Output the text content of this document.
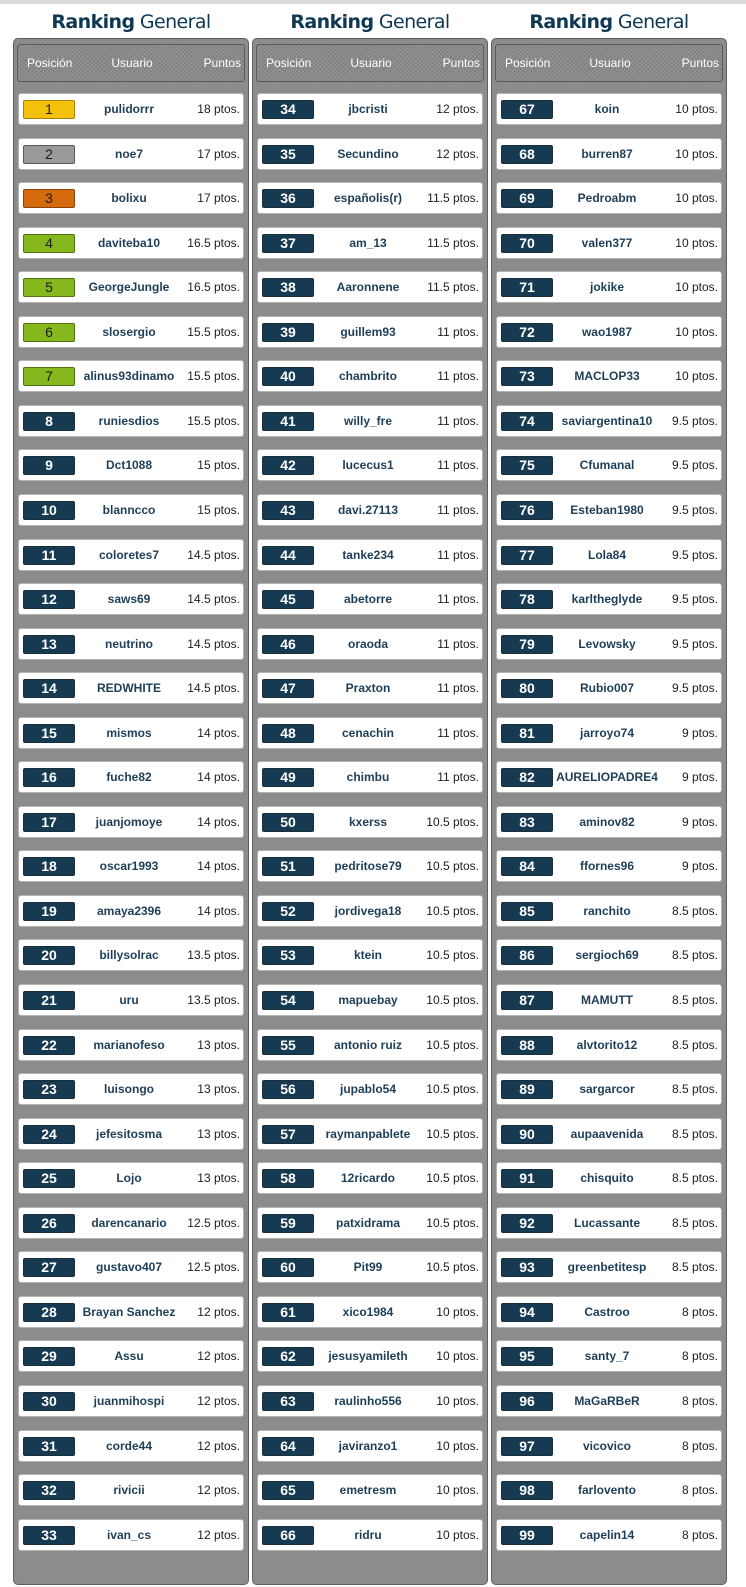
Ranking General
Posición	Usuario	Puntos
1	pulidorrr	18 ptos.
2	noe7	17 ptos.
3	bolixu	17 ptos.
4	daviteba10	16.5 ptos.
5	GeorgeJungle	16.5 ptos.
6	slosergio	15.5 ptos.
7	alinus93dinamo	15.5 ptos.
8	runiesdios	15.5 ptos.
9	Dct1088	15 ptos.
10	blanncco	15 ptos.
11	coloretes7	14.5 ptos.
12	saws69	14.5 ptos.
13	neutrino	14.5 ptos.
14	REDWHITE	14.5 ptos.
15	mismos	14 ptos.
16	fuche82	14 ptos.
17	juanjomoye	14 ptos.
18	oscar1993	14 ptos.
19	amaya2396	14 ptos.
20	billysolrac	13.5 ptos.
21	uru	13.5 ptos.
22	marianofeso	13 ptos.
23	luisongo	13 ptos.
24	jefesitosma	13 ptos.
25	Lojo	13 ptos.
26	darencanario	12.5 ptos.
27	gustavo407	12.5 ptos.
28	Brayan Sanchez	12 ptos.
29	Assu	12 ptos.
30	juanmihospi	12 ptos.
31	corde44	12 ptos.
32	rivicii	12 ptos.
33	ivan_cs	12 ptos.
Ranking General
Posición	Usuario	Puntos
34	jbcristi	12 ptos.
35	Secundino	12 ptos.
36	españolis(r)	11.5 ptos.
37	am_13	11.5 ptos.
38	Aaronnene	11.5 ptos.
39	guillem93	11 ptos.
40	chambrito	11 ptos.
41	willy_fre	11 ptos.
42	lucecus1	11 ptos.
43	davi.27113	11 ptos.
44	tanke234	11 ptos.
45	abetorre	11 ptos.
46	oraoda	11 ptos.
47	Praxton	11 ptos.
48	cenachin	11 ptos.
49	chimbu	11 ptos.
50	kxerss	10.5 ptos.
51	pedritose79	10.5 ptos.
52	jordivega18	10.5 ptos.
53	ktein	10.5 ptos.
54	mapuebay	10.5 ptos.
55	antonio ruiz	10.5 ptos.
56	jupablo54	10.5 ptos.
57	raymanpablete	10.5 ptos.
58	12ricardo	10.5 ptos.
59	patxidrama	10.5 ptos.
60	Pit99	10.5 ptos.
61	xico1984	10 ptos.
62	jesusyamileth	10 ptos.
63	raulinho556	10 ptos.
64	javiranzo1	10 ptos.
65	emetresm	10 ptos.
66	ridru	10 ptos.
Ranking General
Posición	Usuario	Puntos
67	koin	10 ptos.
68	burren87	10 ptos.
69	Pedroabm	10 ptos.
70	valen377	10 ptos.
71	jokike	10 ptos.
72	wao1987	10 ptos.
73	MACLOP33	10 ptos.
74	saviargentina10	9.5 ptos.
75	Cfumanal	9.5 ptos.
76	Esteban1980	9.5 ptos.
77	Lola84	9.5 ptos.
78	karltheglyde	9.5 ptos.
79	Levowsky	9.5 ptos.
80	Rubio007	9.5 ptos.
81	jarroyo74	9 ptos.
82	AURELIOPADRE4 9 ptos.
83	aminov82	9 ptos.
84	ffornes96	9 ptos.
85	ranchito	8.5 ptos.
86	sergioch69	8.5 ptos.
87	MAMUTT	8.5 ptos.
88	alvtorito12	8.5 ptos.
89	sargarcor	8.5 ptos.
90	aupaavenida	8.5 ptos.
91	chisquito	8.5 ptos.
92	Lucassante	8.5 ptos.
93	greenbetitesp	8.5 ptos.
94	Castroo	8 ptos.
95	santy_7	8 ptos.
96	MaGaRBeR	8 ptos.
97	vicovico	8 ptos.
98	farlovento	8 ptos.
99	capelin14	8 ptos.
